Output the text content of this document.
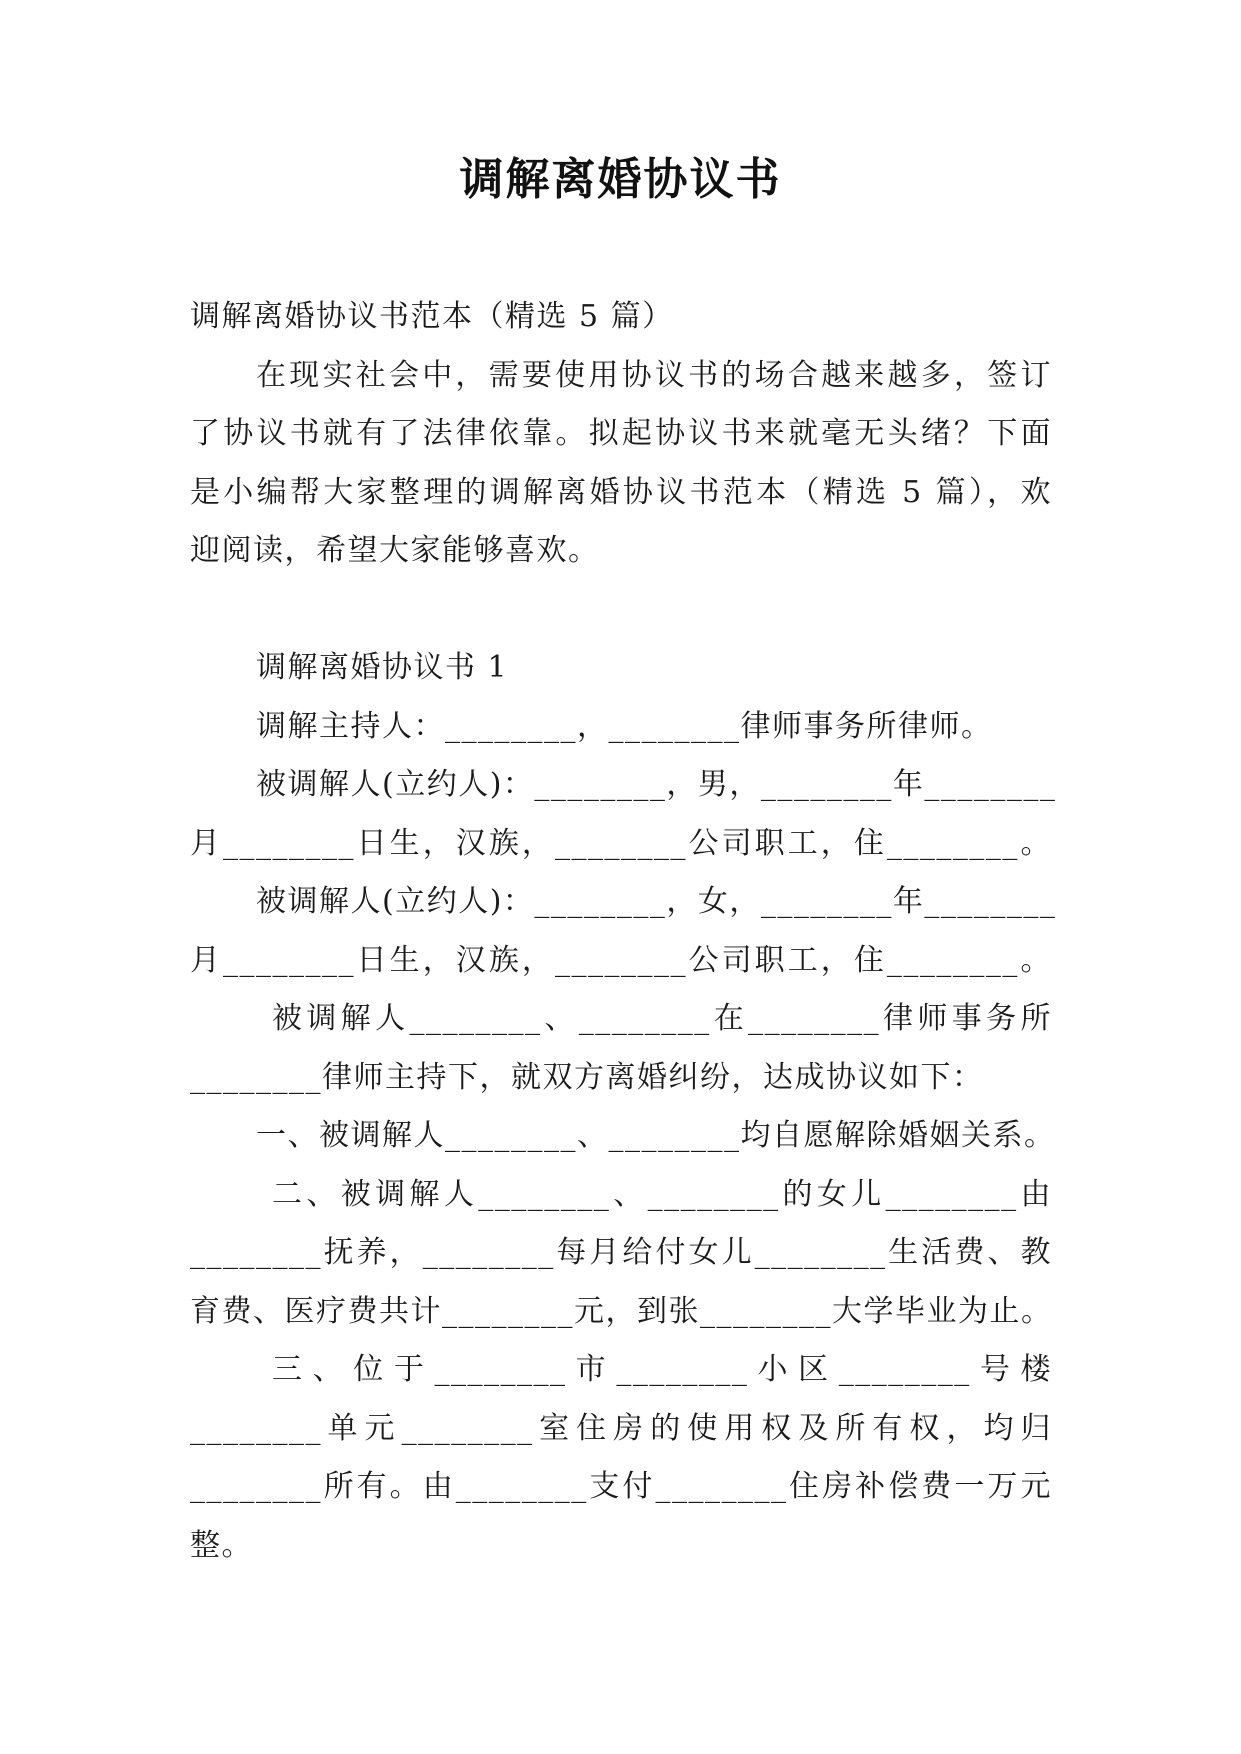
调解离婚协议书
调解离婚协议书范本（精选 5 篇）
在现实社会中，需要使用协议书的场合越来越多，签订
了协议书就有了法律依靠。拟起协议书来就毫无头绪？下面
是小编帮大家整理的调解离婚协议书范本（精选 5 篇），欢
迎阅读，希望大家能够喜欢。
调解离婚协议书 1
调解主持人：________，________律师事务所律师。
被调解人(立约人)：________，男，________年________
月________日生，汉族，________公司职工，住________。
被调解人(立约人)：________，女，________年________
月________日生，汉族，________公司职工，住________。
被调解人________、________在________律师事务所
________律师主持下，就双方离婚纠纷，达成协议如下：
一、被调解人________、________均自愿解除婚姻关系。
二、被调解人________、________的女儿________由
________抚养，________每月给付女儿________生活费、教
育费、医疗费共计________元，到张________大学毕业为止。
三、位于________市________小区________号楼
________单元________室住房的使用权及所有权，均归
________所有。由________支付________住房补偿费一万元
整。
